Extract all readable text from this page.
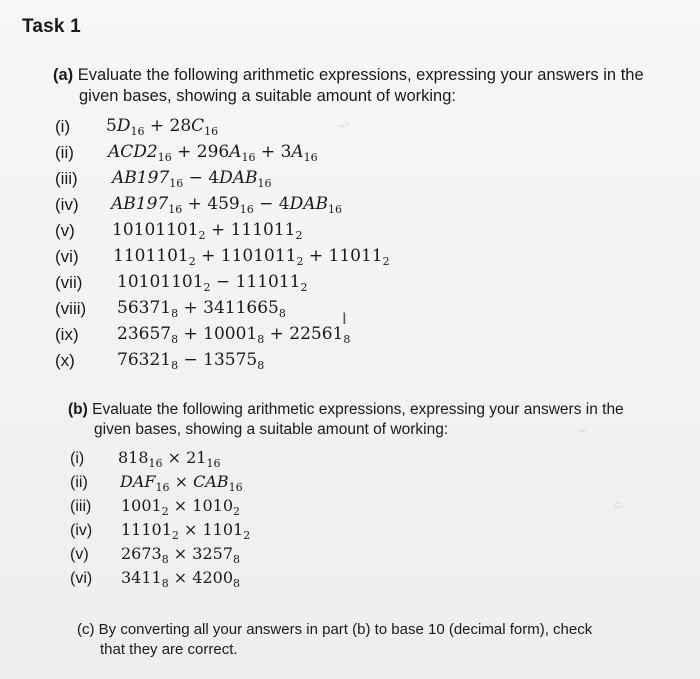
Task 1
(a) Evaluate the following arithmetic expressions, expressing your answers in the
given bases, showing a suitable amount of working:
(i) $5D_{16} + 28C_{16}$
(ii) $ACD2_{16} + 296A_{16} + 3A_{16}$
(iii) $AB197_{16} - 4DAB_{16}$
(iv) $AB197_{16} + 459_{16} - 4DAB_{16}$
(v) $10101101_2 + 111011_2$
(vi) $1101101_2 + 1101011_2 + 11011_2$
(vii) $10101101_2 - 111011_2$
(viii) $56371_8 + 3411665_8$
(ix) $23657_8 + 10001_8 + 22561_8$
(x) $76321_8 - 13575_8$
I
~ᐟ
(b) Evaluate the following arithmetic expressions, expressing your answers in the
given bases, showing a suitable amount of working:
(i) $818_{16} \times 21_{16}$
(ii) $DAF_{16} \times CAB_{16}$
(iii) $1001_2 \times 1010_2$
(iv) $11101_2 \times 1101_2$
(v) $2673_8 \times 3257_8$
(vi) $3411_8 \times 4200_8$
~
○
(c) By converting all your answers in part (b) to base 10 (decimal form), check
that they are correct.
